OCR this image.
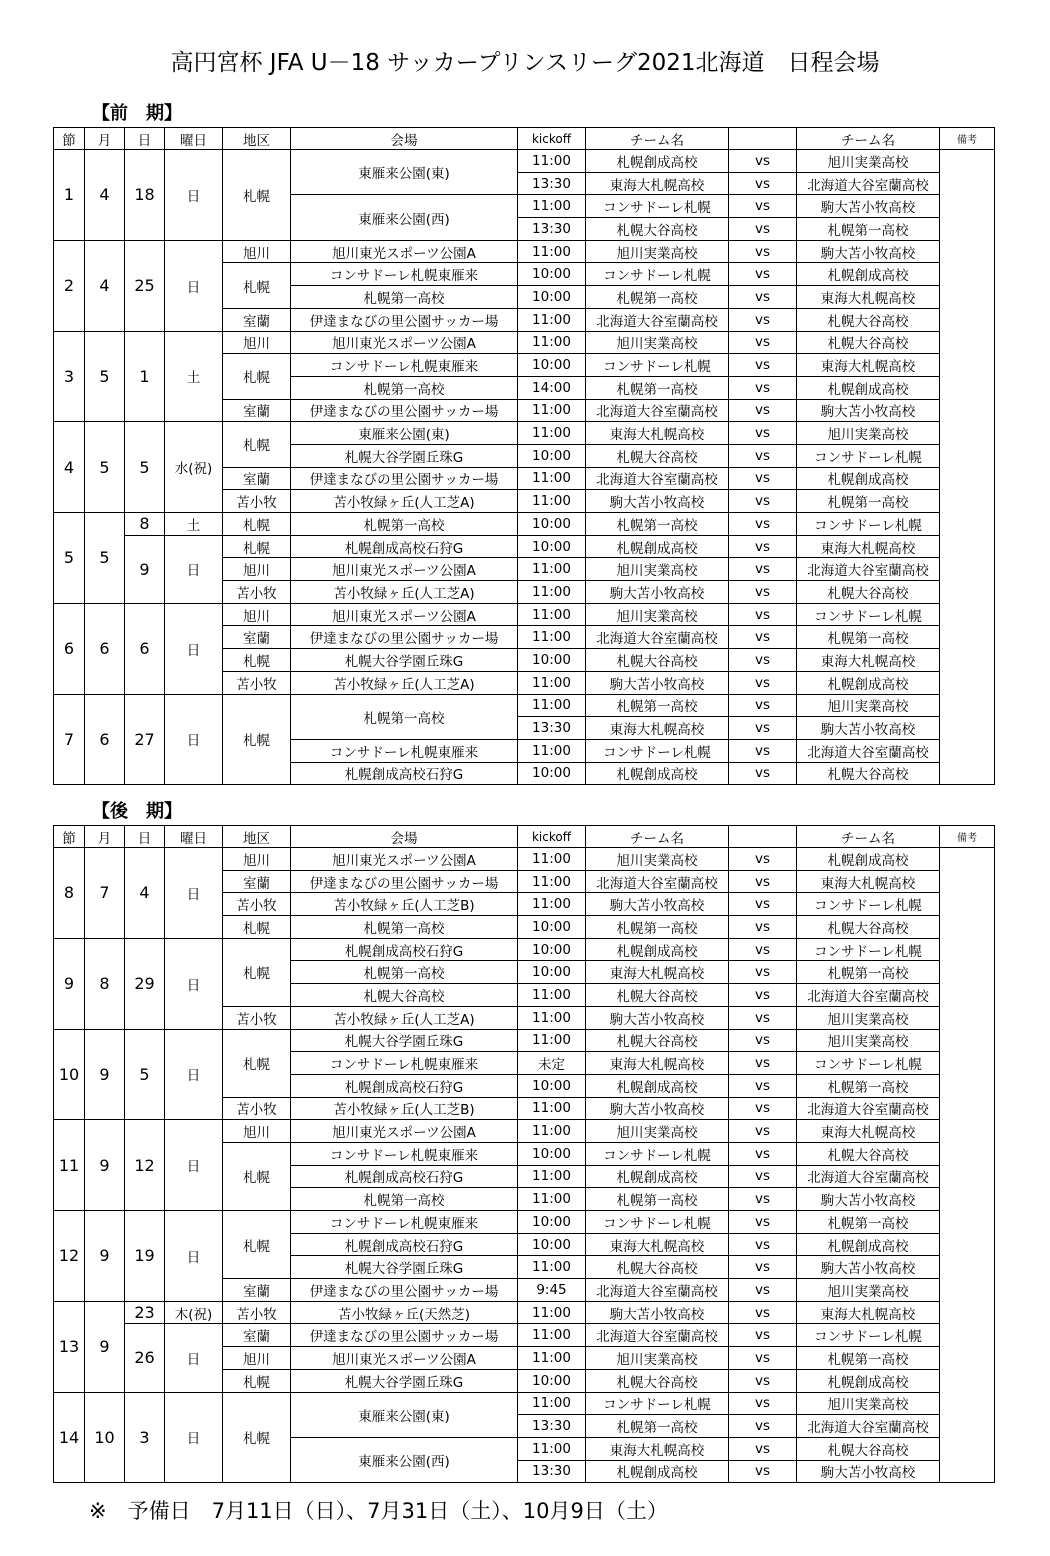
高円宮杯 JFA U－18 サッカープリンスリーグ2021北海道　日程会場
【前　期】
節	月	日	曜日	地区	会場	kickoff	チーム名		チーム名	備考
1	4	18	日	札幌	東雁来公園(東)	11:00	札幌創成高校	vs	旭川実業高校	
						13:30	東海大札幌高校	vs	北海道大谷室蘭高校	
					東雁来公園(西)	11:00	コンサドーレ札幌	vs	駒大苫小牧高校	
						13:30	札幌大谷高校	vs	札幌第一高校	
2	4	25	日	旭川	旭川東光スポーツ公園A	11:00	旭川実業高校	vs	駒大苫小牧高校	
				札幌	コンサドーレ札幌東雁来	10:00	コンサドーレ札幌	vs	札幌創成高校	
					札幌第一高校	10:00	札幌第一高校	vs	東海大札幌高校	
				室蘭	伊達まなびの里公園サッカー場	11:00	北海道大谷室蘭高校	vs	札幌大谷高校	
3	5	1	土	旭川	旭川東光スポーツ公園A	11:00	旭川実業高校	vs	札幌大谷高校	
				札幌	コンサドーレ札幌東雁来	10:00	コンサドーレ札幌	vs	東海大札幌高校	
					札幌第一高校	14:00	札幌第一高校	vs	札幌創成高校	
				室蘭	伊達まなびの里公園サッカー場	11:00	北海道大谷室蘭高校	vs	駒大苫小牧高校	
4	5	5	水(祝)	札幌	東雁来公園(東)	11:00	東海大札幌高校	vs	旭川実業高校	
					札幌大谷学園丘珠G	10:00	札幌大谷高校	vs	コンサドーレ札幌	
				室蘭	伊達まなびの里公園サッカー場	11:00	北海道大谷室蘭高校	vs	札幌創成高校	
				苫小牧	苫小牧緑ヶ丘(人工芝A)	11:00	駒大苫小牧高校	vs	札幌第一高校	
5	5	8	土	札幌	札幌第一高校	10:00	札幌第一高校	vs	コンサドーレ札幌	
		9	日	札幌	札幌創成高校石狩G	10:00	札幌創成高校	vs	東海大札幌高校	
				旭川	旭川東光スポーツ公園A	11:00	旭川実業高校	vs	北海道大谷室蘭高校	
				苫小牧	苫小牧緑ヶ丘(人工芝A)	11:00	駒大苫小牧高校	vs	札幌大谷高校	
6	6	6	日	旭川	旭川東光スポーツ公園A	11:00	旭川実業高校	vs	コンサドーレ札幌	
				室蘭	伊達まなびの里公園サッカー場	11:00	北海道大谷室蘭高校	vs	札幌第一高校	
				札幌	札幌大谷学園丘珠G	10:00	札幌大谷高校	vs	東海大札幌高校	
				苫小牧	苫小牧緑ヶ丘(人工芝A)	11:00	駒大苫小牧高校	vs	札幌創成高校	
7	6	27	日	札幌	札幌第一高校	11:00	札幌第一高校	vs	旭川実業高校	
						13:30	東海大札幌高校	vs	駒大苫小牧高校	
					コンサドーレ札幌東雁来	11:00	コンサドーレ札幌	vs	北海道大谷室蘭高校	
					札幌創成高校石狩G	10:00	札幌創成高校	vs	札幌大谷高校	
【後　期】
節	月	日	曜日	地区	会場	kickoff	チーム名		チーム名	備考
8	7	4	日	旭川	旭川東光スポーツ公園A	11:00	旭川実業高校	vs	札幌創成高校	
				室蘭	伊達まなびの里公園サッカー場	11:00	北海道大谷室蘭高校	vs	東海大札幌高校	
				苫小牧	苫小牧緑ヶ丘(人工芝B)	11:00	駒大苫小牧高校	vs	コンサドーレ札幌	
				札幌	札幌第一高校	10:00	札幌第一高校	vs	札幌大谷高校	
9	8	29	日	札幌	札幌創成高校石狩G	10:00	札幌創成高校	vs	コンサドーレ札幌	
					札幌第一高校	10:00	東海大札幌高校	vs	札幌第一高校	
					札幌大谷高校	11:00	札幌大谷高校	vs	北海道大谷室蘭高校	
				苫小牧	苫小牧緑ヶ丘(人工芝A)	11:00	駒大苫小牧高校	vs	旭川実業高校	
10	9	5	日	札幌	札幌大谷学園丘珠G	11:00	札幌大谷高校	vs	旭川実業高校	
					コンサドーレ札幌東雁来	未定	東海大札幌高校	vs	コンサドーレ札幌	
					札幌創成高校石狩G	10:00	札幌創成高校	vs	札幌第一高校	
				苫小牧	苫小牧緑ヶ丘(人工芝B)	11:00	駒大苫小牧高校	vs	北海道大谷室蘭高校	
11	9	12	日	旭川	旭川東光スポーツ公園A	11:00	旭川実業高校	vs	東海大札幌高校	
				札幌	コンサドーレ札幌東雁来	10:00	コンサドーレ札幌	vs	札幌大谷高校	
					札幌創成高校石狩G	11:00	札幌創成高校	vs	北海道大谷室蘭高校	
					札幌第一高校	11:00	札幌第一高校	vs	駒大苫小牧高校	
12	9	19	日	札幌	コンサドーレ札幌東雁来	10:00	コンサドーレ札幌	vs	札幌第一高校	
					札幌創成高校石狩G	10:00	東海大札幌高校	vs	札幌創成高校	
					札幌大谷学園丘珠G	11:00	札幌大谷高校	vs	駒大苫小牧高校	
				室蘭	伊達まなびの里公園サッカー場	9:45	北海道大谷室蘭高校	vs	旭川実業高校	
13	9	23	木(祝)	苫小牧	苫小牧緑ヶ丘(天然芝)	11:00	駒大苫小牧高校	vs	東海大札幌高校	
		26	日	室蘭	伊達まなびの里公園サッカー場	11:00	北海道大谷室蘭高校	vs	コンサドーレ札幌	
				旭川	旭川東光スポーツ公園A	11:00	旭川実業高校	vs	札幌第一高校	
				札幌	札幌大谷学園丘珠G	10:00	札幌大谷高校	vs	札幌創成高校	
14	10	3	日	札幌	東雁来公園(東)	11:00	コンサドーレ札幌	vs	旭川実業高校	
						13:30	札幌第一高校	vs	北海道大谷室蘭高校	
					東雁来公園(西)	11:00	東海大札幌高校	vs	札幌大谷高校	
						13:30	札幌創成高校	vs	駒大苫小牧高校	
※　予備日　7月11日（日）、7月31日（土）、10月9日（土）
